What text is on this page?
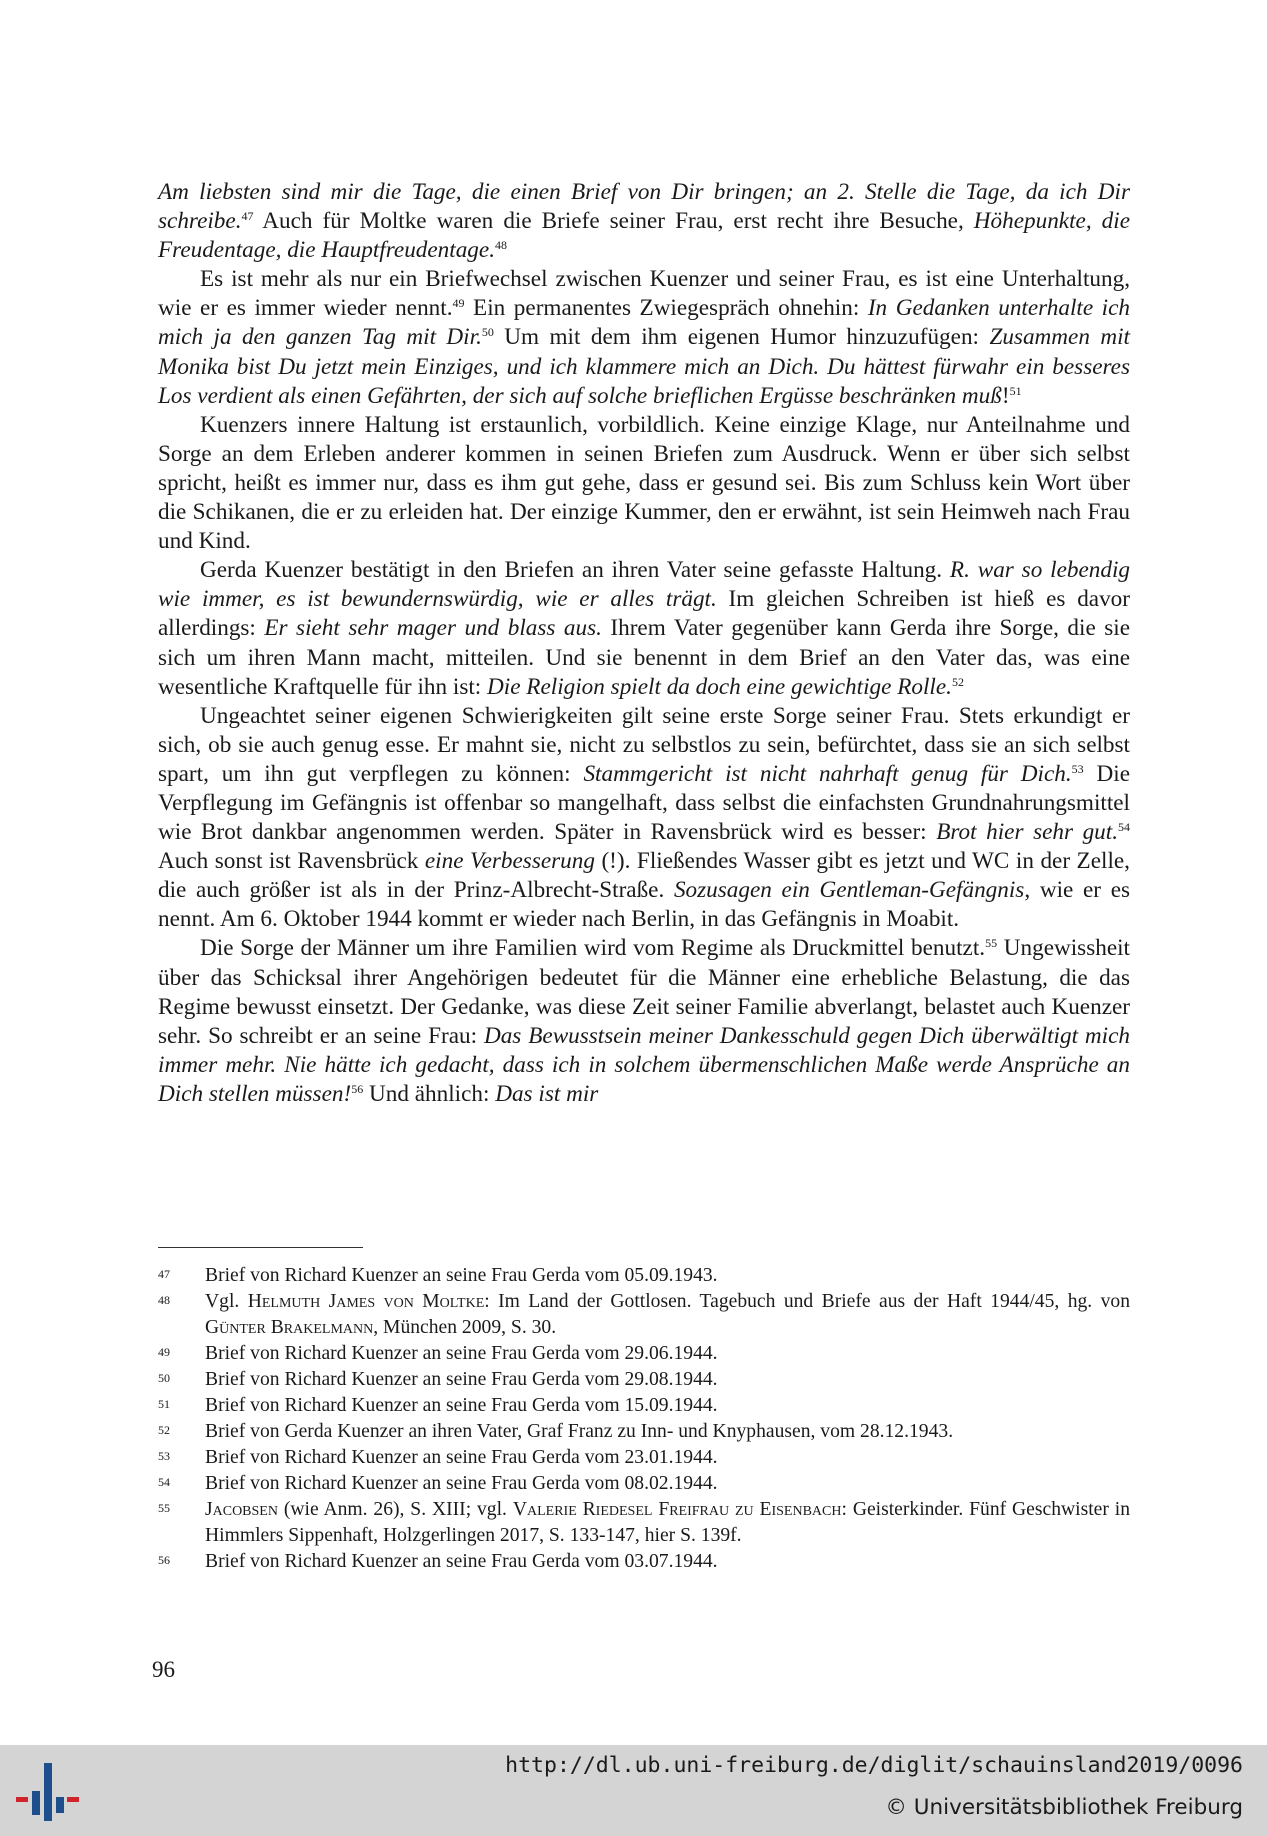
Am liebsten sind mir die Tage, die einen Brief von Dir bringen; an 2. Stelle die Tage, da ich Dir schreibe.$^{47}$ Auch für Moltke waren die Briefe seiner Frau, erst recht ihre Besuche, Höhepunkte, die Freudentage, die Hauptfreudentage.$^{48}$

Es ist mehr als nur ein Briefwechsel zwischen Kuenzer und seiner Frau, es ist eine Unterhaltung, wie er es immer wieder nennt.$^{49}$ Ein permanentes Zwiegespräch ohnehin: In Gedanken unterhalte ich mich ja den ganzen Tag mit Dir.$^{50}$ Um mit dem ihm eigenen Humor hinzuzufügen: Zusammen mit Monika bist Du jetzt mein Einziges, und ich klammere mich an Dich. Du hättest fürwahr ein besseres Los verdient als einen Gefährten, der sich auf solche brieflichen Ergüsse beschränken muß!$^{51}$

Kuenzers innere Haltung ist erstaunlich, vorbildlich. Keine einzige Klage, nur Anteilnahme und Sorge an dem Erleben anderer kommen in seinen Briefen zum Ausdruck. Wenn er über sich selbst spricht, heißt es immer nur, dass es ihm gut gehe, dass er gesund sei. Bis zum Schluss kein Wort über die Schikanen, die er zu erleiden hat. Der einzige Kummer, den er erwähnt, ist sein Heimweh nach Frau und Kind.

Gerda Kuenzer bestätigt in den Briefen an ihren Vater seine gefasste Haltung. R. war so lebendig wie immer, es ist bewundernswürdig, wie er alles trägt. Im gleichen Schreiben ist hieß es davor allerdings: Er sieht sehr mager und blass aus. Ihrem Vater gegenüber kann Gerda ihre Sorge, die sie sich um ihren Mann macht, mitteilen. Und sie benennt in dem Brief an den Vater das, was eine wesentliche Kraftquelle für ihn ist: Die Religion spielt da doch eine gewichtige Rolle.$^{52}$

Ungeachtet seiner eigenen Schwierigkeiten gilt seine erste Sorge seiner Frau. Stets erkundigt er sich, ob sie auch genug esse. Er mahnt sie, nicht zu selbstlos zu sein, befürchtet, dass sie an sich selbst spart, um ihn gut verpflegen zu können: Stammgericht ist nicht nahrhaft genug für Dich.$^{53}$ Die Verpflegung im Gefängnis ist offenbar so mangelhaft, dass selbst die einfachsten Grundnahrungsmittel wie Brot dankbar angenommen werden. Später in Ravensbrück wird es besser: Brot hier sehr gut.$^{54}$ Auch sonst ist Ravensbrück eine Verbesserung (!). Fließendes Wasser gibt es jetzt und WC in der Zelle, die auch größer ist als in der Prinz-Albrecht-Straße. Sozusagen ein Gentleman-Gefängnis, wie er es nennt. Am 6. Oktober 1944 kommt er wieder nach Berlin, in das Gefängnis in Moabit.

Die Sorge der Männer um ihre Familien wird vom Regime als Druckmittel benutzt.$^{55}$ Ungewissheit über das Schicksal ihrer Angehörigen bedeutet für die Männer eine erhebliche Belastung, die das Regime bewusst einsetzt. Der Gedanke, was diese Zeit seiner Familie abverlangt, belastet auch Kuenzer sehr. So schreibt er an seine Frau: Das Bewusstsein meiner Dankesschuld gegen Dich überwältigt mich immer mehr. Nie hätte ich gedacht, dass ich in solchem übermenschlichen Maße werde Ansprüche an Dich stellen müssen!$^{56}$ Und ähnlich: Das ist mir

47 Brief von Richard Kuenzer an seine Frau Gerda vom 05.09.1943.
48 Vgl. Helmuth James von Moltke: Im Land der Gottlosen. Tagebuch und Briefe aus der Haft 1944/45, hg. von Günter Brakelmann, München 2009, S. 30.
49 Brief von Richard Kuenzer an seine Frau Gerda vom 29.06.1944.
50 Brief von Richard Kuenzer an seine Frau Gerda vom 29.08.1944.
51 Brief von Richard Kuenzer an seine Frau Gerda vom 15.09.1944.
52 Brief von Gerda Kuenzer an ihren Vater, Graf Franz zu Inn- und Knyphausen, vom 28.12.1943.
53 Brief von Richard Kuenzer an seine Frau Gerda vom 23.01.1944.
54 Brief von Richard Kuenzer an seine Frau Gerda vom 08.02.1944.
55 Jacobsen (wie Anm. 26), S. XIII; vgl. Valerie Riedesel Freifrau zu Eisenbach: Geisterkinder. Fünf Geschwister in Himmlers Sippenhaft, Holzgerlingen 2017, S. 133-147, hier S. 139f.
56 Brief von Richard Kuenzer an seine Frau Gerda vom 03.07.1944.
96
http://dl.ub.uni-freiburg.de/diglit/schauinsland2019/0096
© Universitätsbibliothek Freiburg
